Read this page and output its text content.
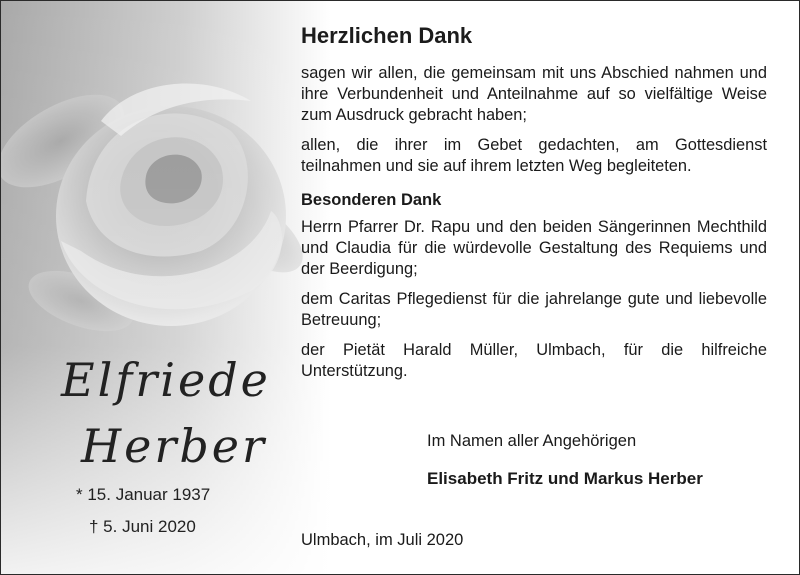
Elfriede
Herber
* 15. Januar 1937
† 5. Juni 2020
Herzlichen Dank

sagen wir allen, die gemeinsam mit uns Abschied nahmen und ihre Verbundenheit und Anteilnahme auf so vielfältige Weise zum Ausdruck gebracht haben;

allen, die ihrer im Gebet gedachten, am Gottesdienst teilnahmen und sie auf ihrem letzten Weg begleiteten.

Besonderen Dank

Herrn Pfarrer Dr. Rapu und den beiden Sängerinnen Mechthild und Claudia für die würdevolle Gestaltung des Requiems und der Beerdigung;

dem Caritas Pflegedienst für die jahrelange gute und liebevolle Betreuung;

der Pietät Harald Müller, Ulmbach, für die hilfreiche Unterstützung.

Im Namen aller Angehörigen
Elisabeth Fritz und Markus Herber
Ulmbach, im Juli 2020
